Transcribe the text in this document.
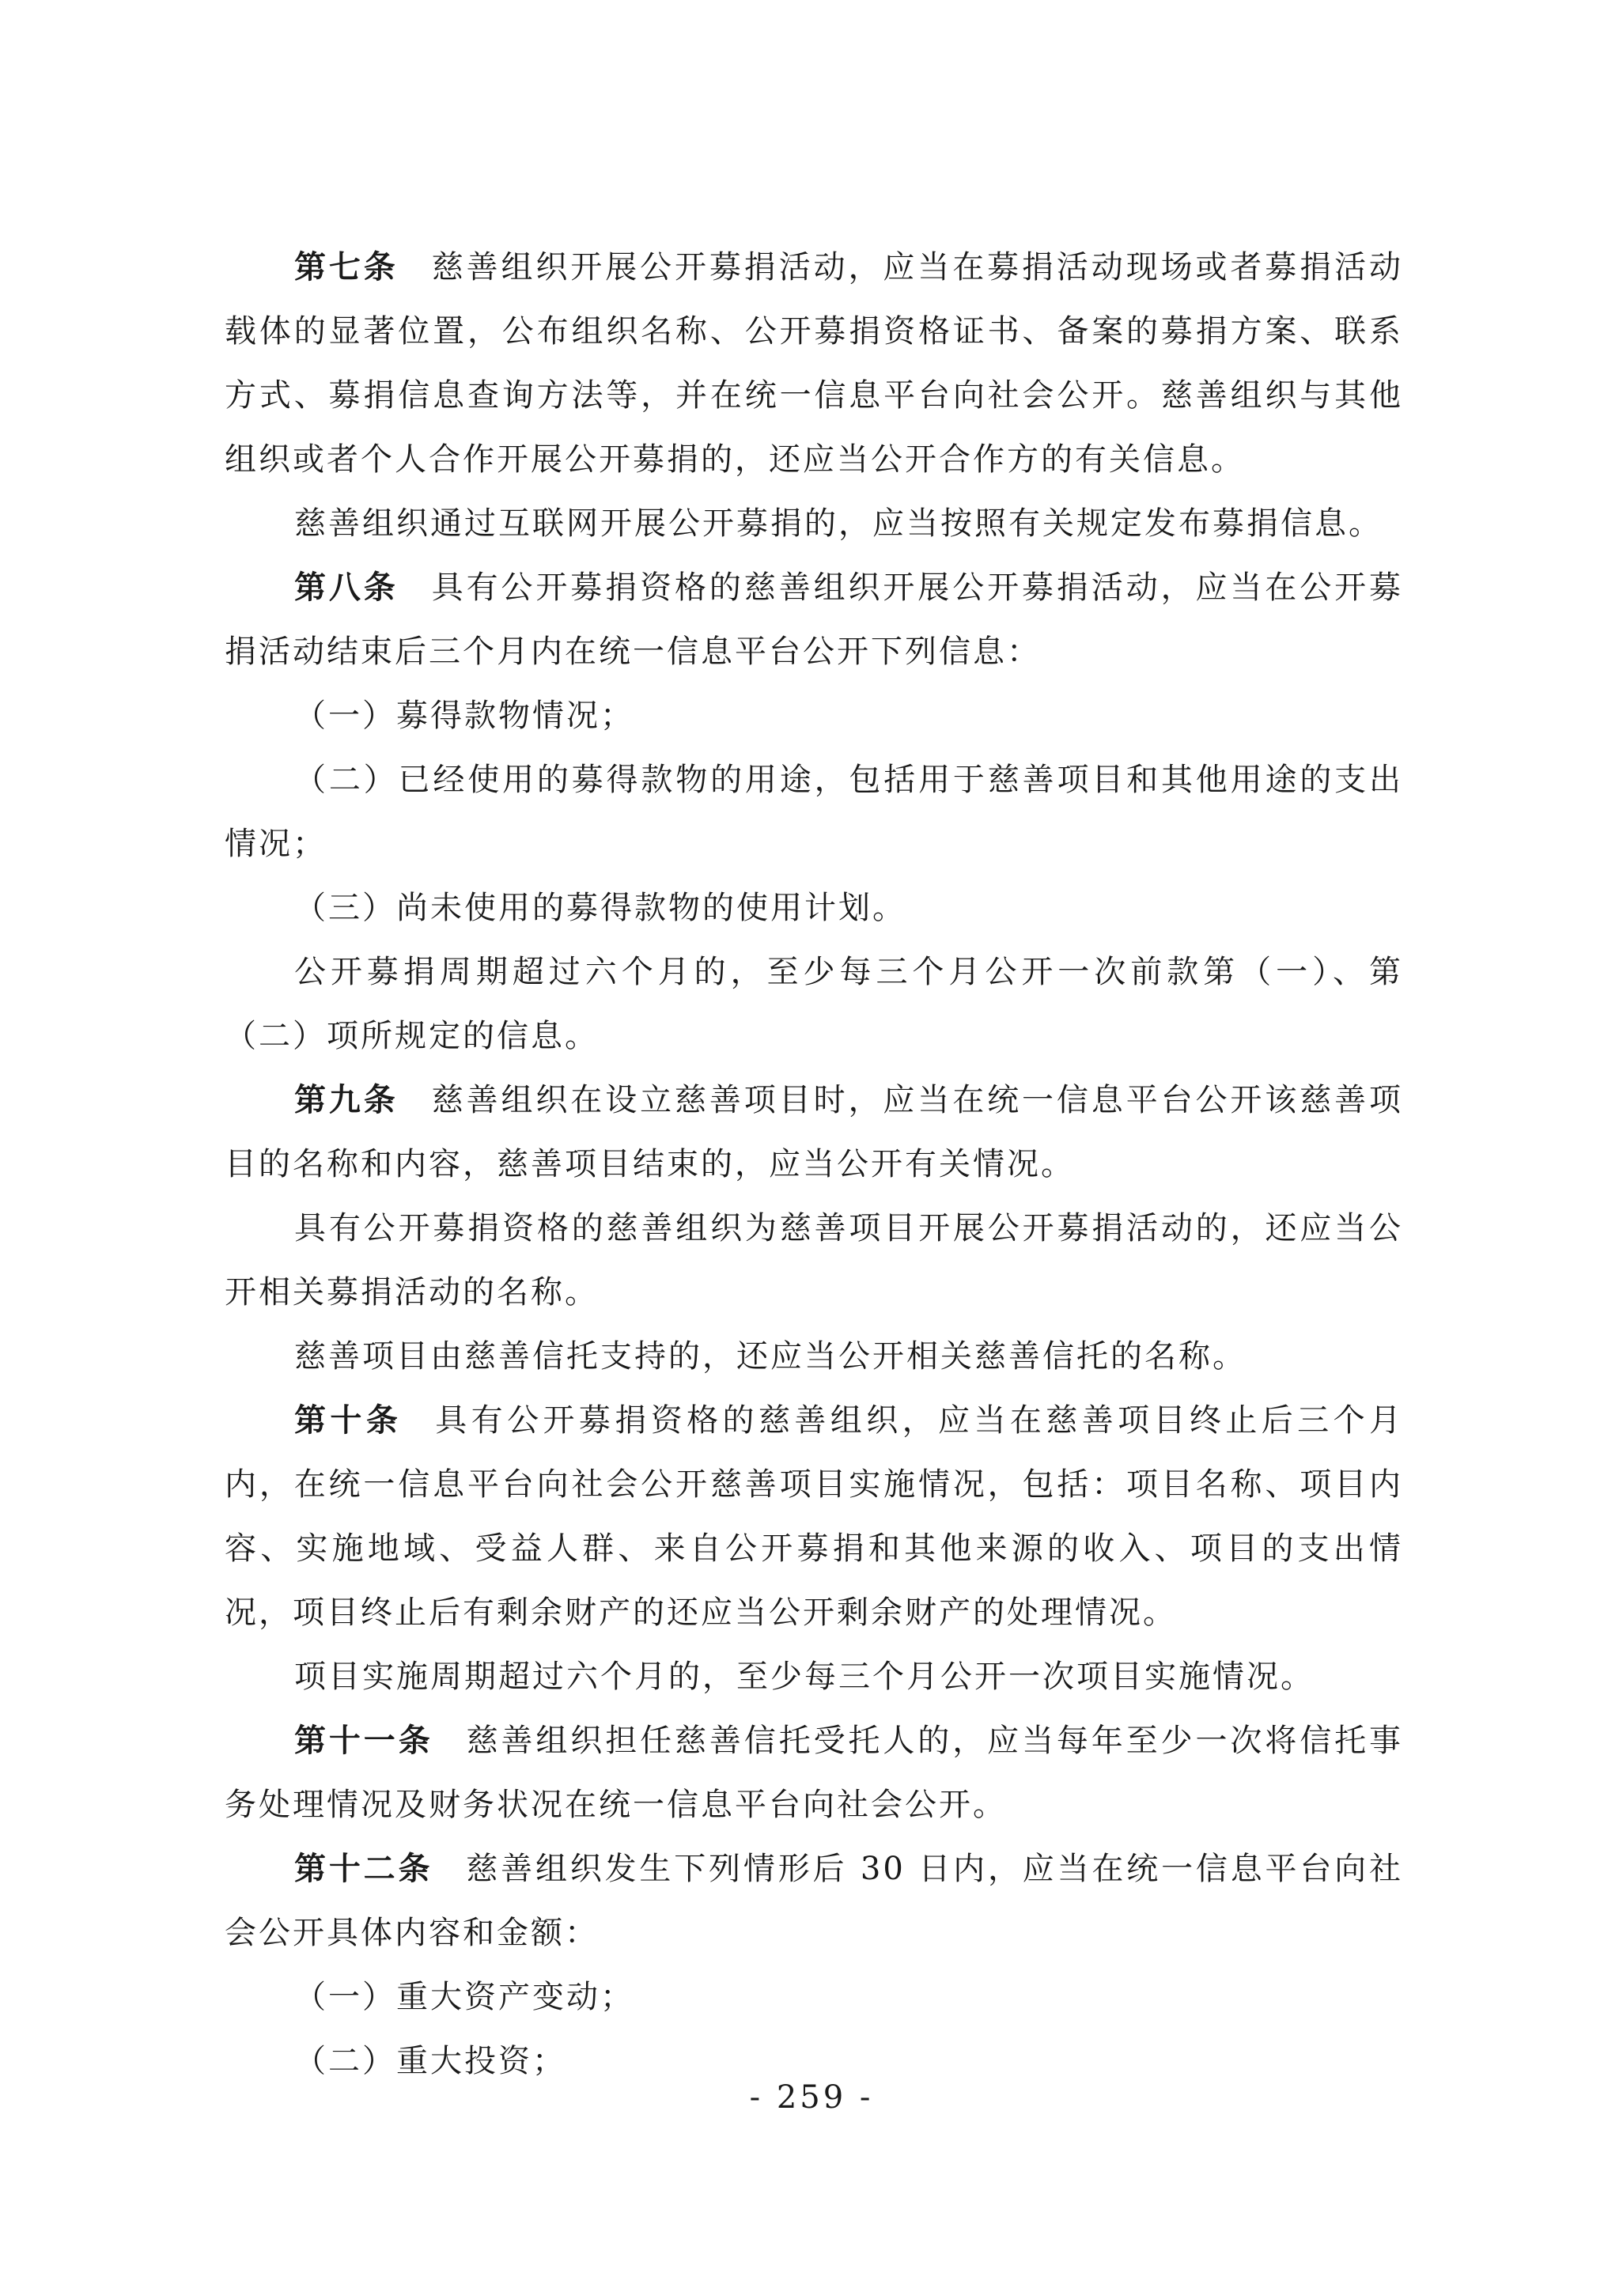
第七条 慈善组织开展公开募捐活动，应当在募捐活动现场或者募捐活动载体的显著位置，公布组织名称、公开募捐资格证书、备案的募捐方案、联系方式、募捐信息查询方法等，并在统一信息平台向社会公开。慈善组织与其他组织或者个人合作开展公开募捐的，还应当公开合作方的有关信息。

慈善组织通过互联网开展公开募捐的，应当按照有关规定发布募捐信息。

第八条 具有公开募捐资格的慈善组织开展公开募捐活动，应当在公开募捐活动结束后三个月内在统一信息平台公开下列信息：

（一）募得款物情况；

（二）已经使用的募得款物的用途，包括用于慈善项目和其他用途的支出情况；

（三）尚未使用的募得款物的使用计划。

公开募捐周期超过六个月的，至少每三个月公开一次前款第（一）、第（二）项所规定的信息。

第九条 慈善组织在设立慈善项目时，应当在统一信息平台公开该慈善项目的名称和内容，慈善项目结束的，应当公开有关情况。

具有公开募捐资格的慈善组织为慈善项目开展公开募捐活动的，还应当公开相关募捐活动的名称。

慈善项目由慈善信托支持的，还应当公开相关慈善信托的名称。

第十条 具有公开募捐资格的慈善组织，应当在慈善项目终止后三个月内，在统一信息平台向社会公开慈善项目实施情况，包括：项目名称、项目内容、实施地域、受益人群、来自公开募捐和其他来源的收入、项目的支出情况，项目终止后有剩余财产的还应当公开剩余财产的处理情况。

项目实施周期超过六个月的，至少每三个月公开一次项目实施情况。

第十一条 慈善组织担任慈善信托受托人的，应当每年至少一次将信托事务处理情况及财务状况在统一信息平台向社会公开。

第十二条 慈善组织发生下列情形后 30 日内，应当在统一信息平台向社会公开具体内容和金额：

（一）重大资产变动；

（二）重大投资；

- 259 -
